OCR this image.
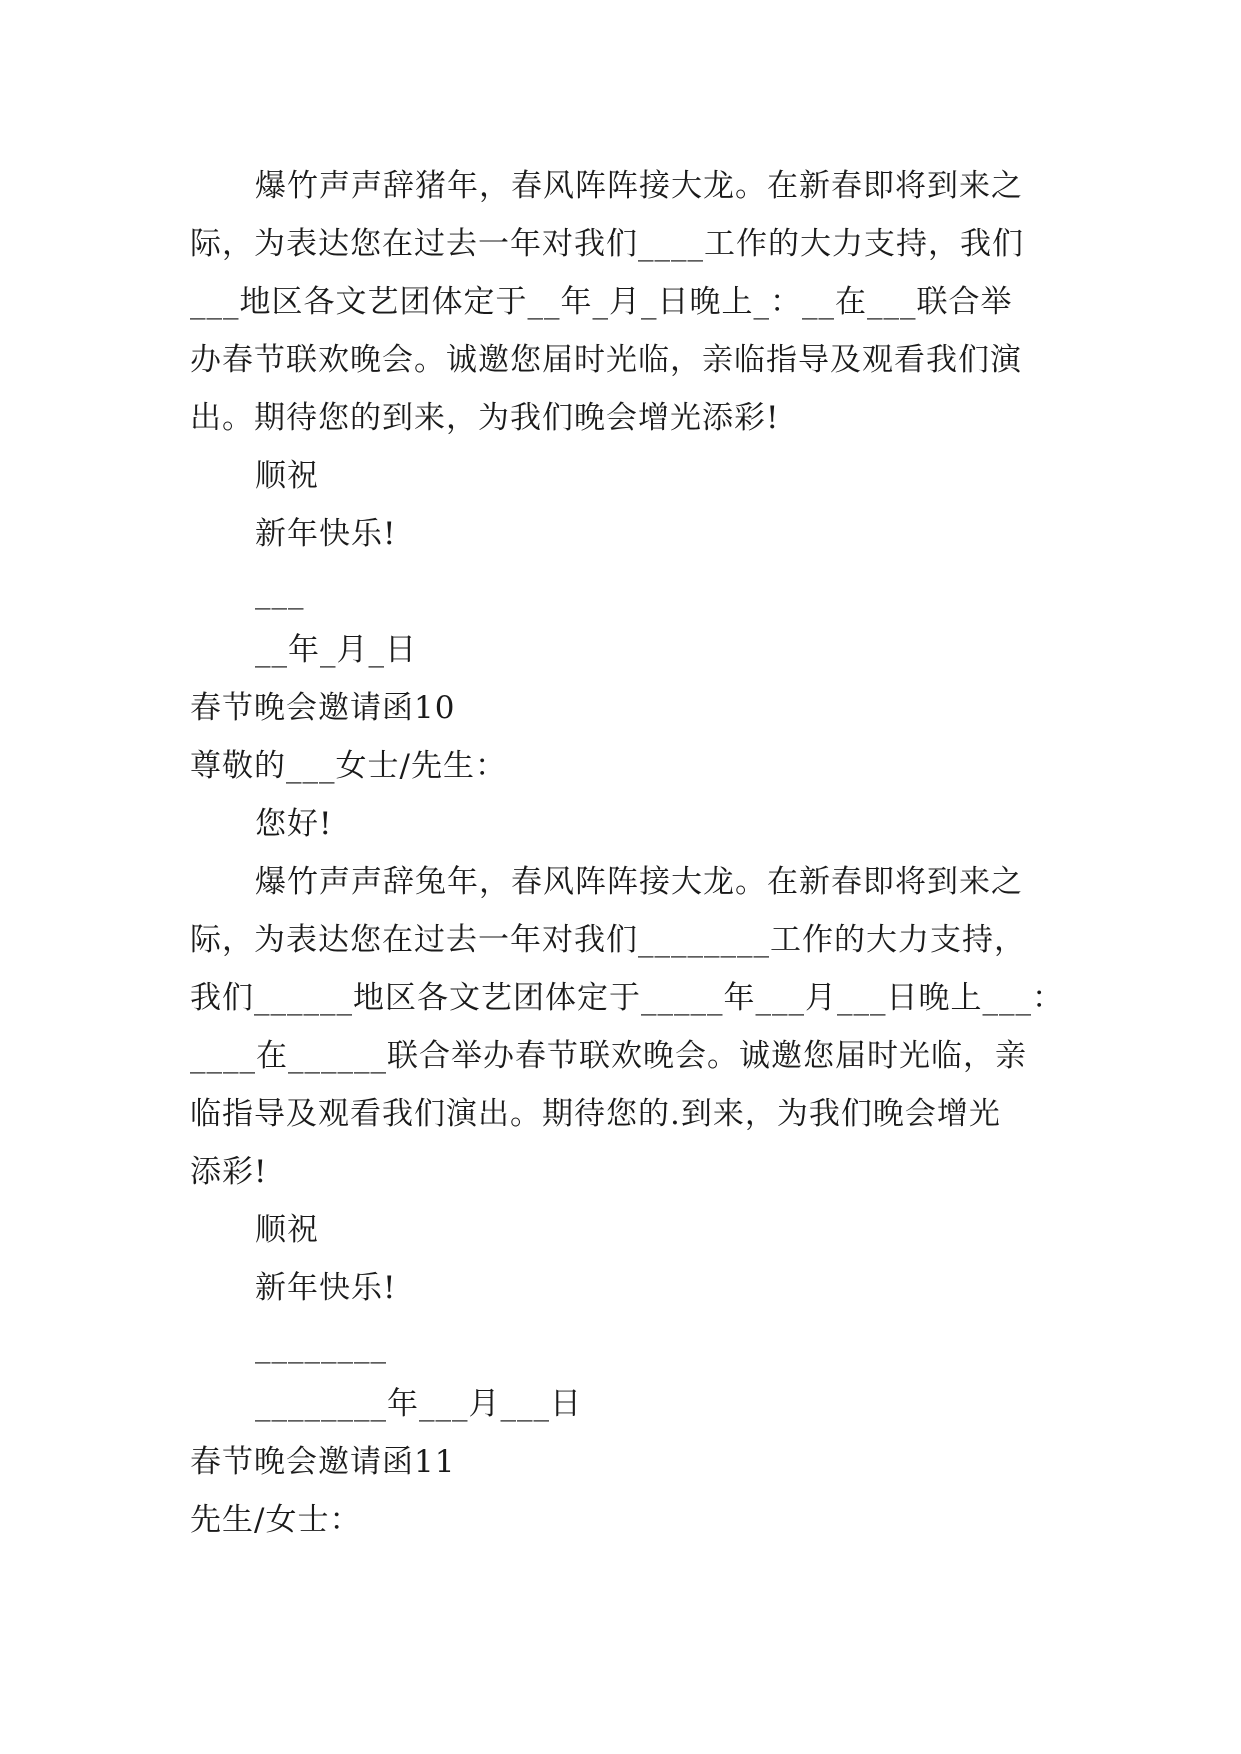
爆竹声声辞猪年，春风阵阵接大龙。在新春即将到来之
际，为表达您在过去一年对我们____工作的大力支持，我们
___地区各文艺团体定于__年_月_日晚上_：__在___联合举
办春节联欢晚会。诚邀您届时光临，亲临指导及观看我们演
出。期待您的到来，为我们晚会增光添彩!
顺祝
新年快乐!
___
__年_月_日
春节晚会邀请函10
尊敬的___女士/先生：
您好!
爆竹声声辞兔年，春风阵阵接大龙。在新春即将到来之
际，为表达您在过去一年对我们________工作的大力支持，
我们______地区各文艺团体定于_____年___月___日晚上___：
____在______联合举办春节联欢晚会。诚邀您届时光临，亲
临指导及观看我们演出。期待您的.到来，为我们晚会增光
添彩!
顺祝
新年快乐!
________
________年___月___日
春节晚会邀请函11
先生/女士：
